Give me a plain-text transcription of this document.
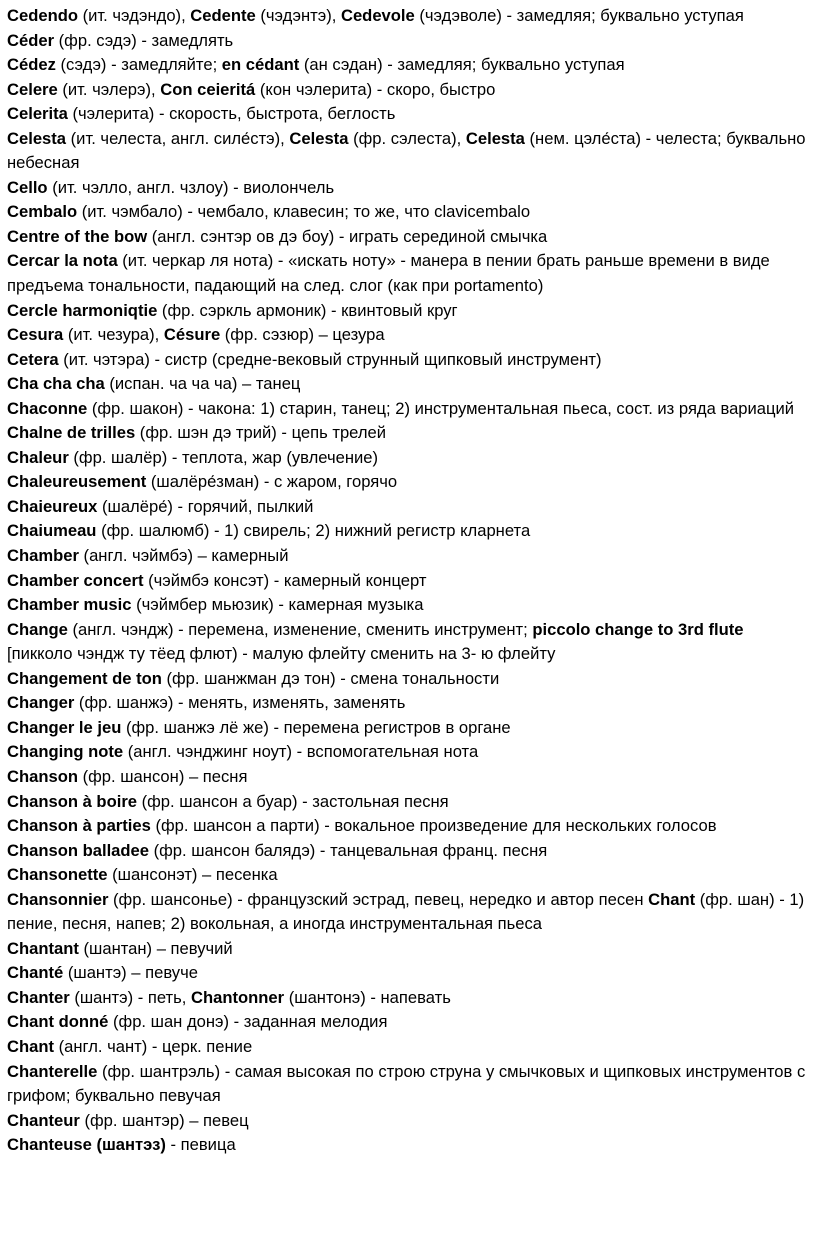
Cedendo (ит. чэдэндо), Cedente (чэдэнтэ), Cedevole (чэдэволе) - замедляя; буквально уступая

Céder (фр. сэдэ) - замедлять

Cédez (сэдэ) - замедляйте; en cédant (ан сэдан) - замедляя; буквально уступая

Celere (ит. чэлерэ), Con ceieritá (кон чэлерита) - скоро, быстро

Celerita (чэлерита) - скорость, быстрота, беглость

Celesta (ит. челеста, англ. силе́стэ), Celesta (фр. сэлеста), Celesta (нем. цэле́ста) - челеста; буквально небесная

Cello (ит. чэлло, англ. чзлоу) - виолончель

Cembalo (ит. чэмбало) - чембало, клавесин; то же, что clavicembalo

Centre of the bow (англ. сэнтэр ов дэ боу) - играть серединой смычка

Cercar la nota (ит. черкар ля нота) - «искать ноту» - манера в пении брать раньше времени в виде предъема тональности, падающий на след. слог (как при portamento)

Cercle harmoniqtie (фр. сэркль армоник) - квинтовый круг

Cesura (ит. чезура), Césure (фр. сэзюр) – цезура

Cetera (ит. чэтэра) - систр (средне-вековый струнный щипковый инструмент)

Cha cha cha (испан. ча ча ча) – танец

Chaconne (фр. шакон) - чакона: 1) старин, танец; 2) инструментальная пьеса, сост. из ряда вариаций

Chalne de trilles (фр. шэн дэ трий) - цепь трелей

Chaleur (фр. шалёр) - теплота, жар (увлечение)

Chaleureusement (шалёре́зман) - с жаром, горячо

Chaieureux (шалёре́) - горячий, пылкий

Chaiumeau (фр. шалюмб) - 1) свирель; 2) нижний регистр кларнета

Chamber (англ. чэймбэ) – камерный

Chamber concert (чэймбэ консэт) - камерный концерт

Chamber music (чэймбер мьюзик) - камерная музыка

Change (англ. чэндж) - перемена, изменение, сменить инструмент; piccolo change to 3rd flute [пикколо чэндж ту тёед флют) - малую флейту сменить на 3- ю флейту

Changement de ton (фр. шанжман дэ тон) - смена тональности

Changer (фр. шанжэ) - менять, изменять, заменять

Changer le jeu (фр. шанжэ лё же) - перемена регистров в органе

Changing note (англ. чэнджинг ноут) - вспомогательная нота

Chanson (фр. шансон) – песня

Chanson à boire (фр. шансон а буар) - застольная песня

Chanson à parties (фр. шансон а парти) - вокальное произведение для нескольких голосов

Chanson balladee (фр. шансон балядэ) - танцевальная франц. песня

Chansonette (шансонэт) – песенка

Chansonnier (фр. шансонье) - французский эстрад, певец, нередко и автор песен Chant (фр. шан) - 1) пение, песня, напев; 2) вокольная, а иногда инструментальная пьеса

Chantant (шантан) – певучий

Chanté (шантэ) – певуче

Chanter (шантэ) - петь, Chantonner (шантонэ) - напевать

Chant donné (фр. шан донэ) - заданная мелодия

Chant (англ. чант) - церк. пение

Chanterelle (фр. шантрэль) - самая высокая по строю струна у смычковых и щипковых инструментов с грифом; буквально певучая

Chanteur (фр. шантэр) – певец

Chanteuse (шантэз) - певица
